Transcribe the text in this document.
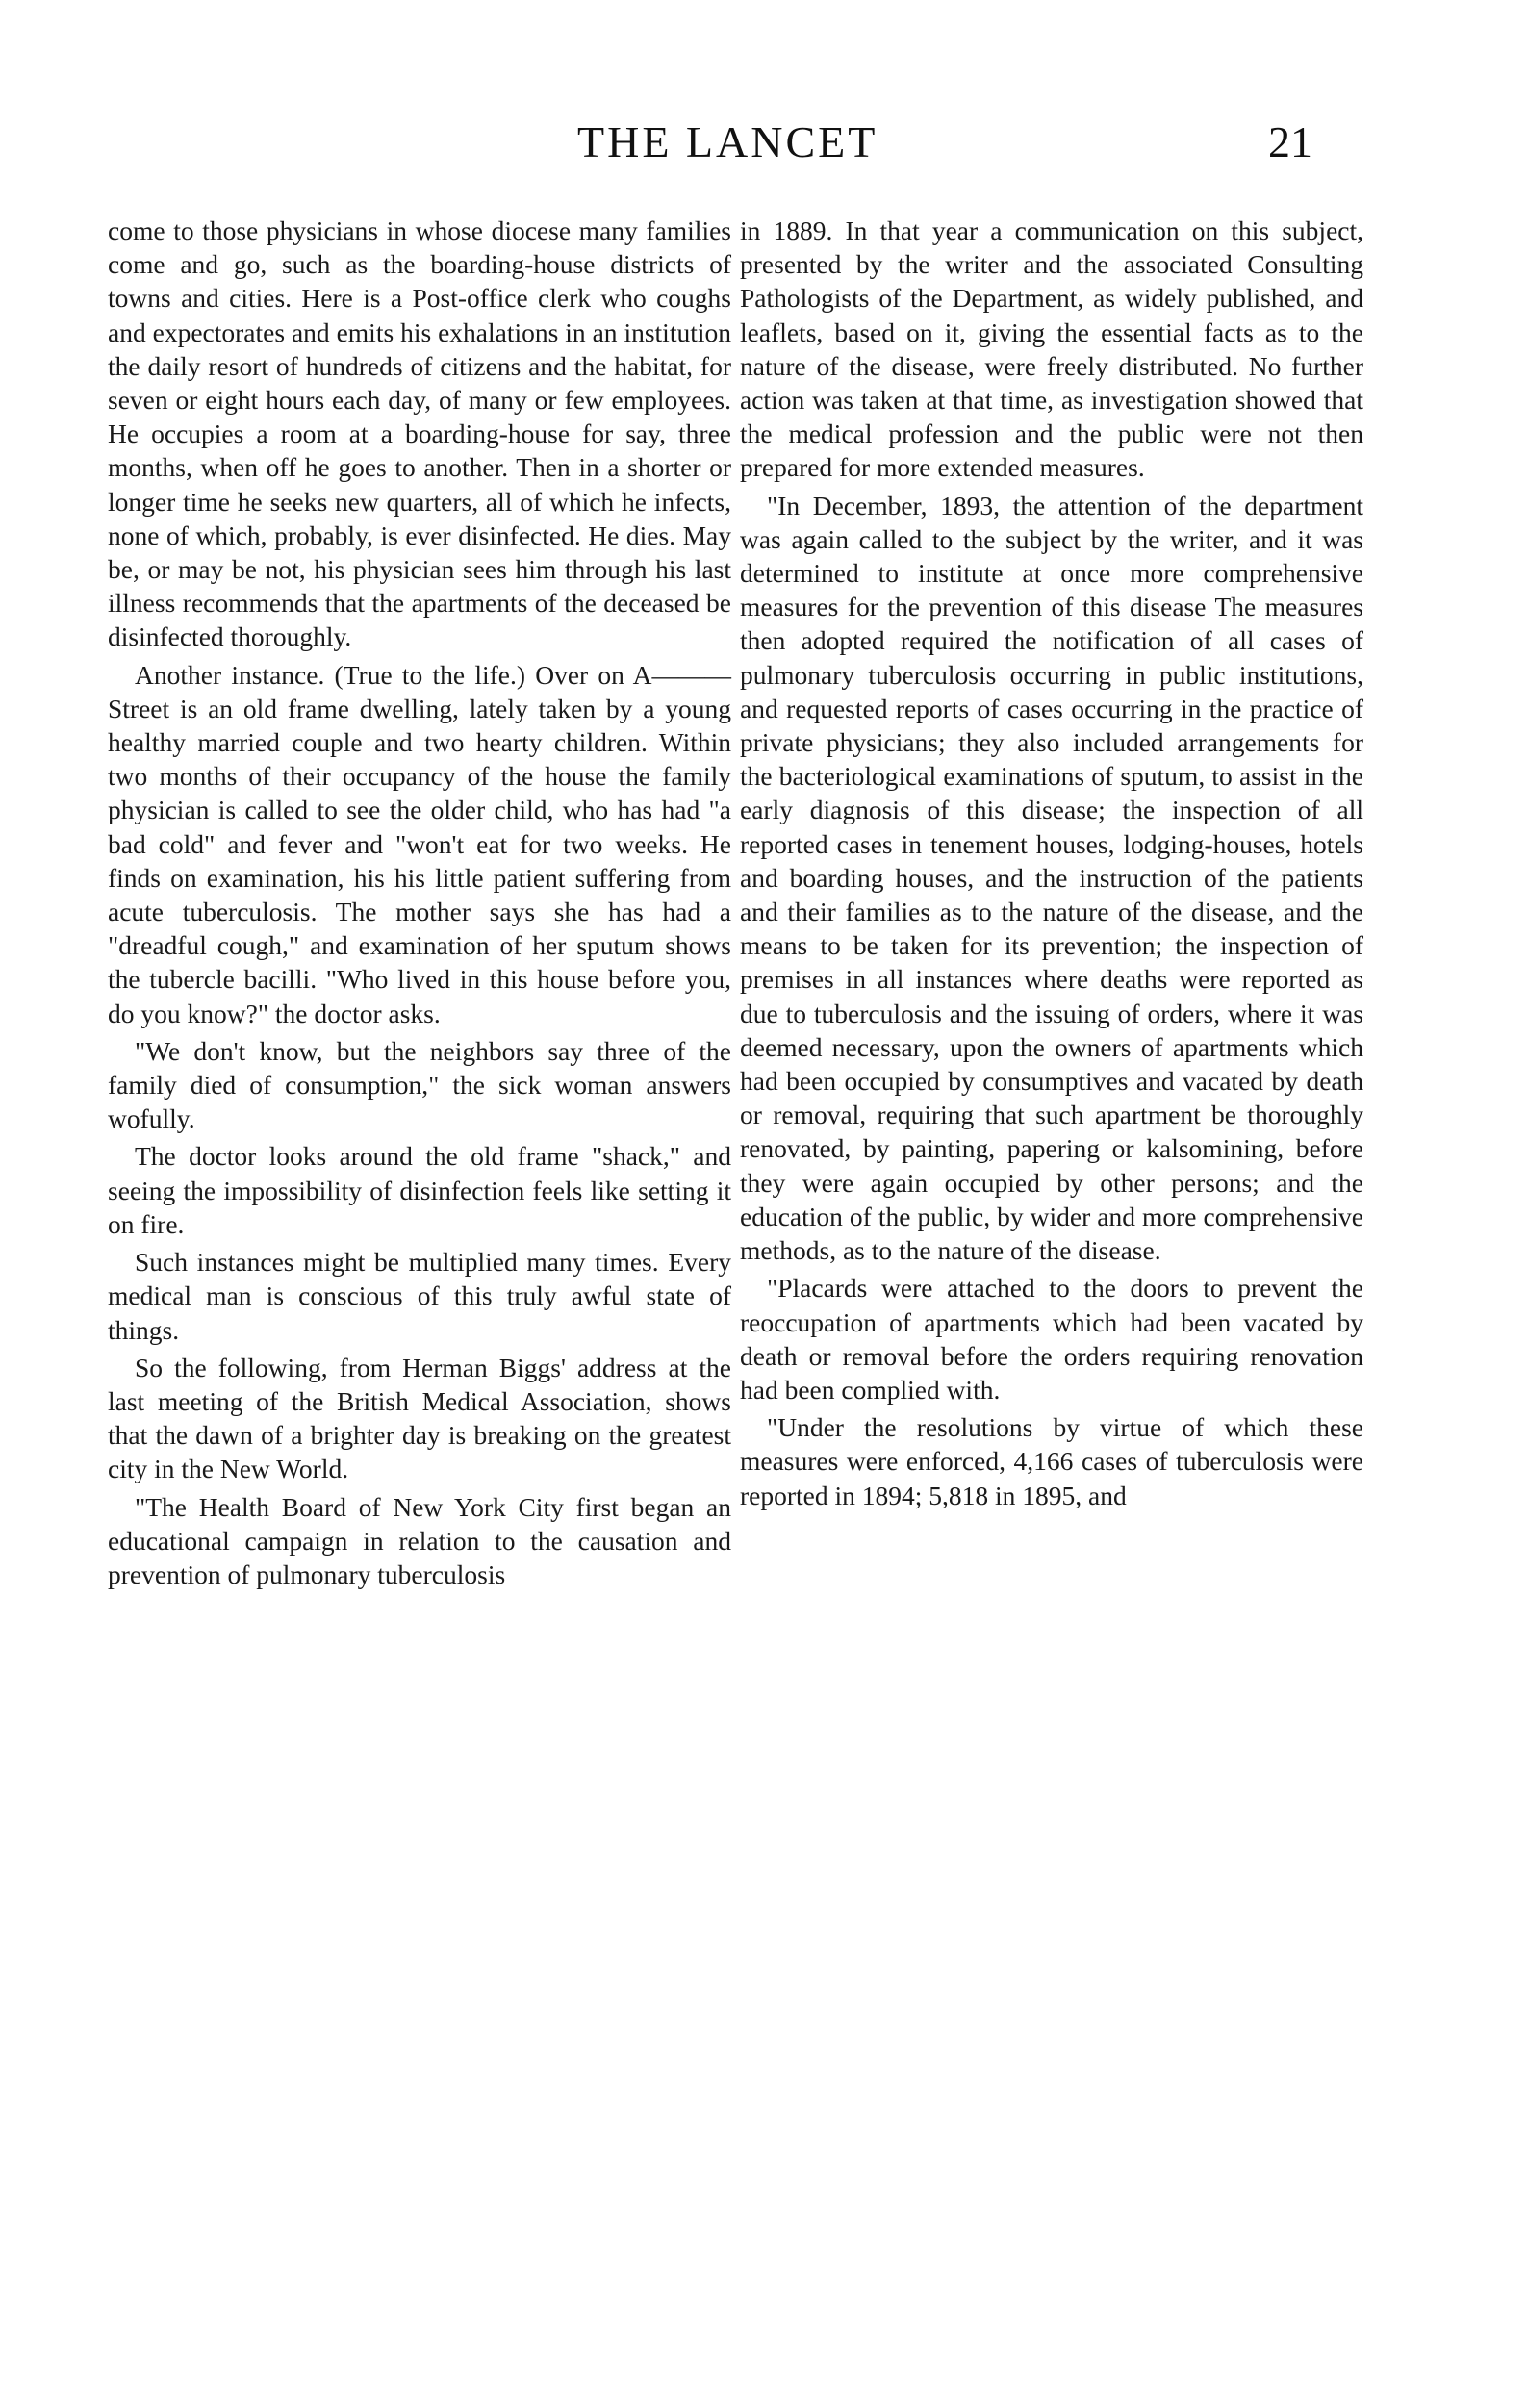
THE LANCET	21

come to those physicians in whose diocese many families come and go, such as the boarding-house districts of towns and cities. Here is a Post-office clerk who coughs and expectorates and emits his exhalations in an institution the daily resort of hundreds of citizens and the habitat, for seven or eight hours each day, of many or few employees. He occupies a room at a boarding-house for say, three months, when off he goes to another. Then in a shorter or longer time he seeks new quarters, all of which he infects, none of which, probably, is ever disinfected. He dies. May be, or may be not, his physician sees him through his last illness recommends that the apartments of the deceased be disinfected thoroughly.

Another instance. (True to the life.) Over on A——— Street is an old frame dwelling, lately taken by a young healthy married couple and two hearty children. Within two months of their occupancy of the house the family physician is called to see the older child, who has had "a bad cold" and fever and "won't eat for two weeks. He finds on examination, his his little patient suffering from acute tuberculosis. The mother says she has had a "dreadful cough," and examination of her sputum shows the tubercle bacilli. "Who lived in this house before you, do you know?" the doctor asks.

"We don't know, but the neighbors say three of the family died of consumption," the sick woman answers wofully.

The doctor looks around the old frame "shack," and seeing the impossibility of disinfection feels like setting it on fire.

Such instances might be multiplied many times. Every medical man is conscious of this truly awful state of things.

So the following, from Herman Biggs' address at the last meeting of the British Medical Association, shows that the dawn of a brighter day is breaking on the greatest city in the New World.

"The Health Board of New York City first began an educational campaign in relation to the causation and prevention of pulmonary tuberculosis

in 1889. In that year a communication on this subject, presented by the writer and the associated Consulting Pathologists of the Department, as widely published, and leaflets, based on it, giving the essential facts as to the nature of the disease, were freely distributed. No further action was taken at that time, as investigation showed that the medical profession and the public were not then prepared for more extended measures.

"In December, 1893, the attention of the department was again called to the subject by the writer, and it was determined to institute at once more comprehensive measures for the prevention of this disease The measures then adopted required the notification of all cases of pulmonary tuberculosis occurring in public institutions, and requested reports of cases occurring in the practice of private physicians; they also included arrangements for the bacteriological examinations of sputum, to assist in the early diagnosis of this disease; the inspection of all reported cases in tenement houses, lodging-houses, hotels and boarding houses, and the instruction of the patients and their families as to the nature of the disease, and the means to be taken for its prevention; the inspection of premises in all instances where deaths were reported as due to tuberculosis and the issuing of orders, where it was deemed necessary, upon the owners of apartments which had been occupied by consumptives and vacated by death or removal, requiring that such apartment be thoroughly renovated, by painting, papering or kalsomining, before they were again occupied by other persons; and the education of the public, by wider and more comprehensive methods, as to the nature of the disease.

"Placards were attached to the doors to prevent the reoccupation of apartments which had been vacated by death or removal before the orders requiring renovation had been complied with.

"Under the resolutions by virtue of which these measures were enforced, 4,166 cases of tuberculosis were reported in 1894; 5,818 in 1895, and
